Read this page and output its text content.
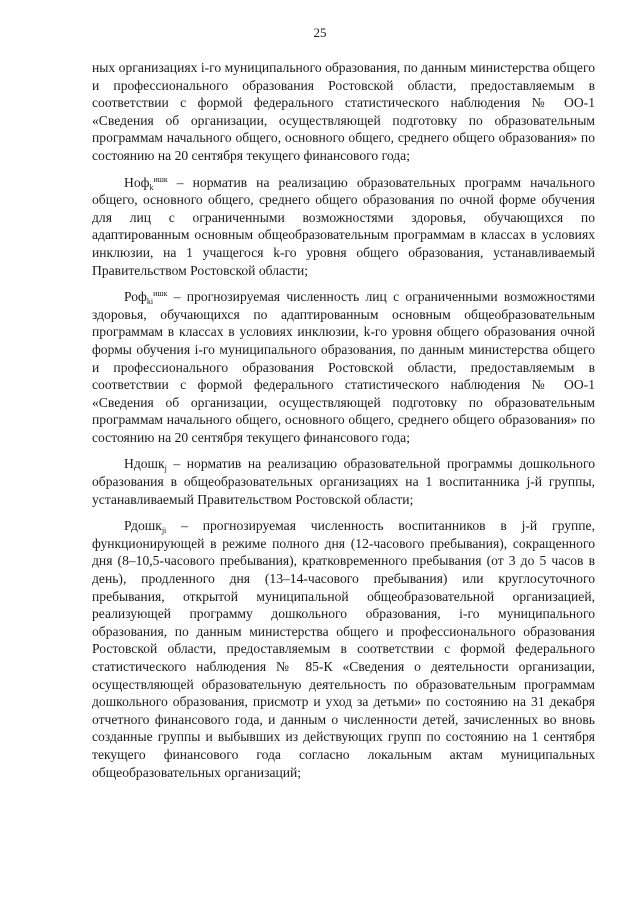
25

ных организациях i-го муниципального образования, по данным министерства общего и профессионального образования Ростовской области, предоставляемым в соответствии с формой федерального статистического наблюдения № ОО-1 «Сведения об организации, осуществляющей подготовку по образовательным программам начального общего, основного общего, среднего общего образования» по состоянию на 20 сентября текущего финансового года;

Ноф$_k^{ишк}$ – норматив на реализацию образовательных программ начального общего, основного общего, среднего общего образования по очной форме обучения для лиц с ограниченными возможностями здоровья, обучающихся по адаптированным основным общеобразовательным программам в классах в условиях инклюзии, на 1 учащегося k-го уровня общего образования, устанавливаемый Правительством Ростовской области;

Роф$_{ki}^{ишк}$ – прогнозируемая численность лиц с ограниченными возможностями здоровья, обучающихся по адаптированным основным общеобразовательным программам в классах в условиях инклюзии, k-го уровня общего образования очной формы обучения i-го муниципального образования, по данным министерства общего и профессионального образования Ростовской области, предоставляемым в соответствии с формой федерального статистического наблюдения № ОО-1 «Сведения об организации, осуществляющей подготовку по образовательным программам начального общего, основного общего, среднего общего образования» по состоянию на 20 сентября текущего финансового года;

Ндошк$_j$ – норматив на реализацию образовательной программы дошкольного образования в общеобразовательных организациях на 1 воспитанника j-й группы, устанавливаемый Правительством Ростовской области;

Рдошк$_{ji}$ – прогнозируемая численность воспитанников в j-й группе, функционирующей в режиме полного дня (12-часового пребывания), сокращенного дня (8–10,5-часового пребывания), кратковременного пребывания (от 3 до 5 часов в день), продленного дня (13–14-часового пребывания) или круглосуточного пребывания, открытой муниципальной общеобразовательной организацией, реализующей программу дошкольного образования, i-го муниципального образования, по данным министерства общего и профессионального образования Ростовской области, предоставляемым в соответствии с формой федерального статистического наблюдения № 85-К «Сведения о деятельности организации, осуществляющей образовательную деятельность по образовательным программам дошкольного образования, присмотр и уход за детьми» по состоянию на 31 декабря отчетного финансового года, и данным о численности детей, зачисленных во вновь созданные группы и выбывших из действующих групп по состоянию на 1 сентября текущего финансового года согласно локальным актам муниципальных общеобразовательных организаций;
